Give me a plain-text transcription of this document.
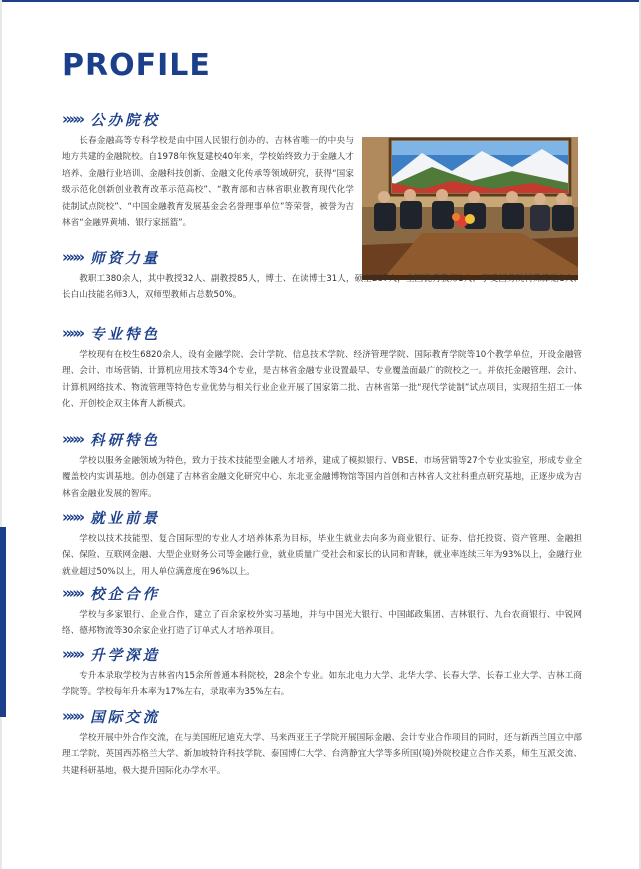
PROFILE
»»» 公办院校

长春金融高等专科学校是由中国人民银行创办的、吉林省唯一的中央与地方共建的金融院校。自1978年恢复建校40年来，学校始终致力于金融人才培养、金融行业培训、金融科技创新、金融文化传承等领域研究，获得“国家级示范化创新创业教育改革示范高校”、“教育部和吉林省职业教育现代化学徒制试点院校”、“中国金融教育发展基金会名誉理事单位”等荣誉，被誉为吉林省“金融界黄埔、银行家摇篮”。

»»» 师资力量

教职工380余人，其中教授32人、副教授85人，博士、在读博士31人，硕士287人，全国优秀教师1人、享受国务院特殊津贴1人、长白山技能名师3人，双师型教师占总数50%。

»»» 专业特色

学校现有在校生6820余人，设有金融学院、会计学院、信息技术学院、经济管理学院、国际教育学院等10个教学单位，开设金融管理、会计、市场营销、计算机应用技术等34个专业，是吉林省金融专业设置最早、专业覆盖面最广的院校之一。并依托金融管理、会计、计算机网络技术、物流管理等特色专业优势与相关行业企业开展了国家第二批、吉林省第一批“现代学徒制”试点项目，实现招生招工一体化、开创校企双主体育人新模式。

»»» 科研特色

学校以服务金融领域为特色，致力于技术技能型金融人才培养，建成了模拟银行、VBSE、市场营销等27个专业实验室，形成专业全覆盖校内实训基地。创办创建了吉林省金融文化研究中心、东北亚金融博物馆等国内首创和吉林省人文社科重点研究基地，正逐步成为吉林省金融业发展的智库。

»»» 就业前景

学校以技术技能型、复合国际型的专业人才培养体系为目标，毕业生就业去向多为商业银行、证券、信托投资、资产管理、金融担保、保险、互联网金融、大型企业财务公司等金融行业，就业质量广受社会和家长的认同和青睐，就业率连续三年为93%以上，金融行业就业超过50%以上，用人单位满意度在96%以上。

»»» 校企合作

学校与多家银行、企业合作，建立了百余家校外实习基地，并与中国光大银行、中国邮政集团、吉林银行、九台农商银行、中锐网络、德邦物流等30余家企业打造了订单式人才培养项目。

»»» 升学深造

专升本录取学校为吉林省内15余所普通本科院校，28余个专业。如东北电力大学、北华大学、长春大学、长春工业大学、吉林工商学院等。学校每年升本率为17%左右，录取率为35%左右。

»»» 国际交流

学校开展中外合作交流，在与美国班尼迪克大学、马来西亚王子学院开展国际金融、会计专业合作项目的同时，还与新西兰国立中部理工学院、英国西苏格兰大学、新加坡特许科技学院、泰国博仁大学、台湾静宜大学等多所国(境)外院校建立合作关系，师生互派交流、共建科研基地，极大提升国际化办学水平。
